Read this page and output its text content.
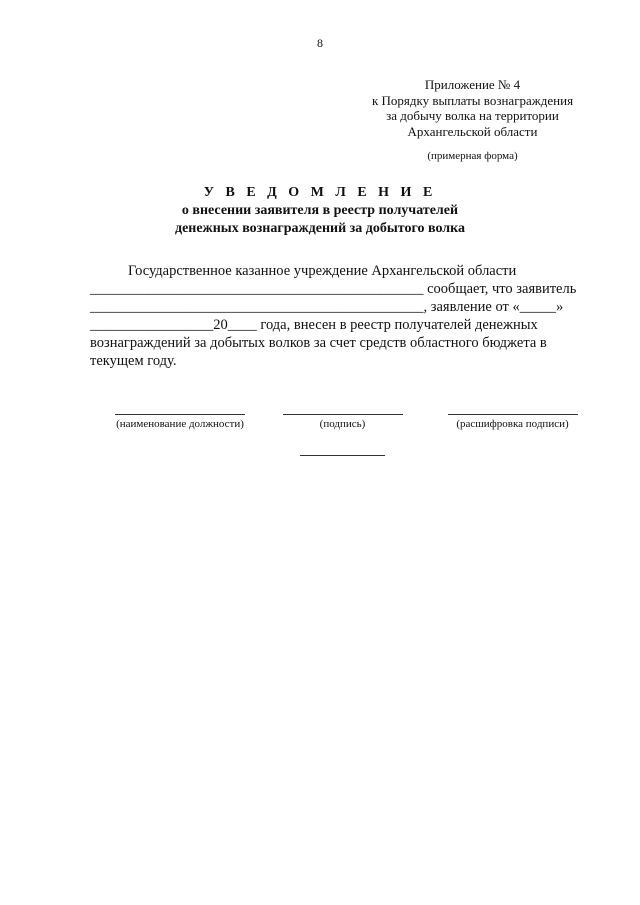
8
Приложение № 4
к Порядку выплаты вознаграждения
за добычу волка на территории
Архангельской области
(примерная форма)
У В Е Д О М Л Е Н И Е
о внесении заявителя в реестр получателей
денежных вознаграждений за добытого волка

Государственное казанное учреждение Архангельской области

______________________________________________ сообщает, что заявитель

______________________________________________, заявление от «_____»

_________________20____ года, внесен в реестр получателей денежных

вознаграждений за добытых волков за счет средств областного бюджета в

текущем году.

(наименование должности)	(подпись)	(расшифровка подписи)
